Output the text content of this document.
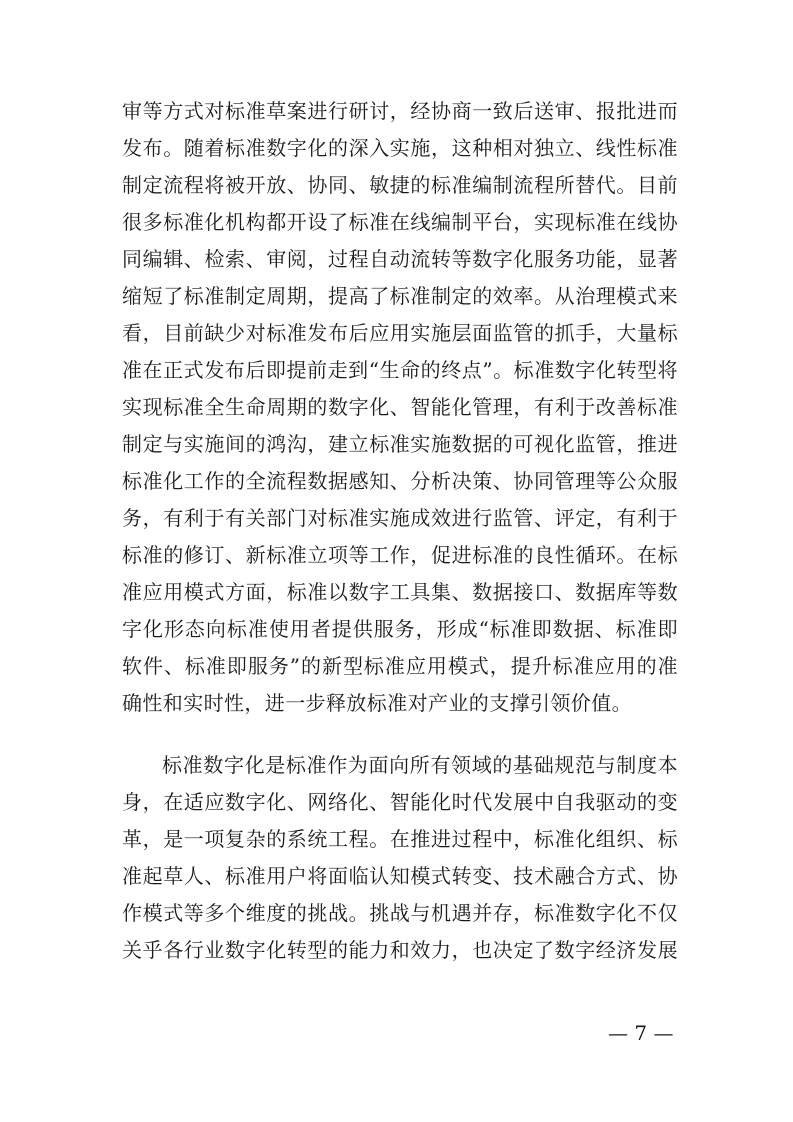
审等方式对标准草案进行研讨，经协商一致后送审、报批进而
发布。随着标准数字化的深入实施，这种相对独立、线性标准
制定流程将被开放、协同、敏捷的标准编制流程所替代。目前
很多标准化机构都开设了标准在线编制平台，实现标准在线协
同编辑、检索、审阅，过程自动流转等数字化服务功能，显著
缩短了标准制定周期，提高了标准制定的效率。从治理模式来
看，目前缺少对标准发布后应用实施层面监管的抓手，大量标
准在正式发布后即提前走到“生命的终点”。标准数字化转型将
实现标准全生命周期的数字化、智能化管理，有利于改善标准
制定与实施间的鸿沟，建立标准实施数据的可视化监管，推进
标准化工作的全流程数据感知、分析决策、协同管理等公众服
务，有利于有关部门对标准实施成效进行监管、评定，有利于
标准的修订、新标准立项等工作，促进标准的良性循环。在标
准应用模式方面，标准以数字工具集、数据接口、数据库等数
字化形态向标准使用者提供服务，形成“标准即数据、标准即
软件、标准即服务”的新型标准应用模式，提升标准应用的准
确性和实时性，进一步释放标准对产业的支撑引领价值。
标准数字化是标准作为面向所有领域的基础规范与制度本
身，在适应数字化、网络化、智能化时代发展中自我驱动的变
革，是一项复杂的系统工程。在推进过程中，标准化组织、标
准起草人、标准用户将面临认知模式转变、技术融合方式、协
作模式等多个维度的挑战。挑战与机遇并存，标准数字化不仅
关乎各行业数字化转型的能力和效力，也决定了数字经济发展
— 7 —
